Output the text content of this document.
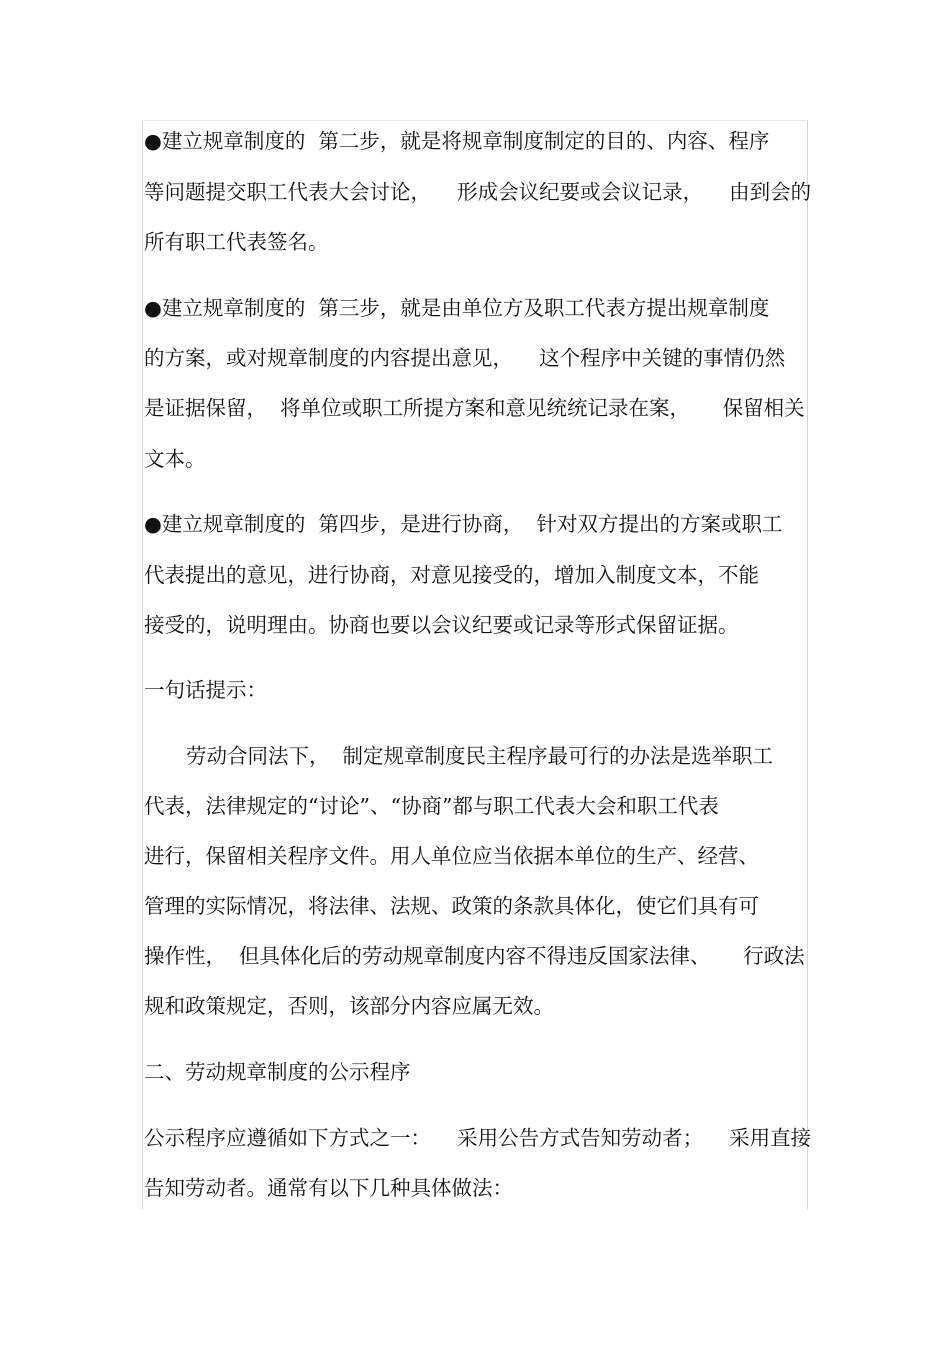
●建立规章制度的  第二步，就是将规章制度制定的目的、内容、程序
等问题提交职工代表大会讨论，    形成会议纪要或会议记录，    由到会的
所有职工代表签名。
●建立规章制度的  第三步，就是由单位方及职工代表方提出规章制度
的方案，或对规章制度的内容提出意见，    这个程序中关键的事情仍然
是证据保留，  将单位或职工所提方案和意见统统记录在案，     保留相关
文本。
●建立规章制度的  第四步，是进行协商，  针对双方提出的方案或职工
代表提出的意见，进行协商，对意见接受的，增加入制度文本，不能
接受的，说明理由。协商也要以会议纪要或记录等形式保留证据。
一句话提示：
劳动合同法下，  制定规章制度民主程序最可行的办法是选举职工
代表，法律规定的“讨论”、“协商”都与职工代表大会和职工代表
进行，保留相关程序文件。用人单位应当依据本单位的生产、经营、
管理的实际情况，将法律、法规、政策的条款具体化，使它们具有可
操作性，  但具体化后的劳动规章制度内容不得违反国家法律、     行政法
规和政策规定，否则，该部分内容应属无效。
二、劳动规章制度的公示程序
公示程序应遵循如下方式之一：    采用公告方式告知劳动者；    采用直接
告知劳动者。通常有以下几种具体做法：
